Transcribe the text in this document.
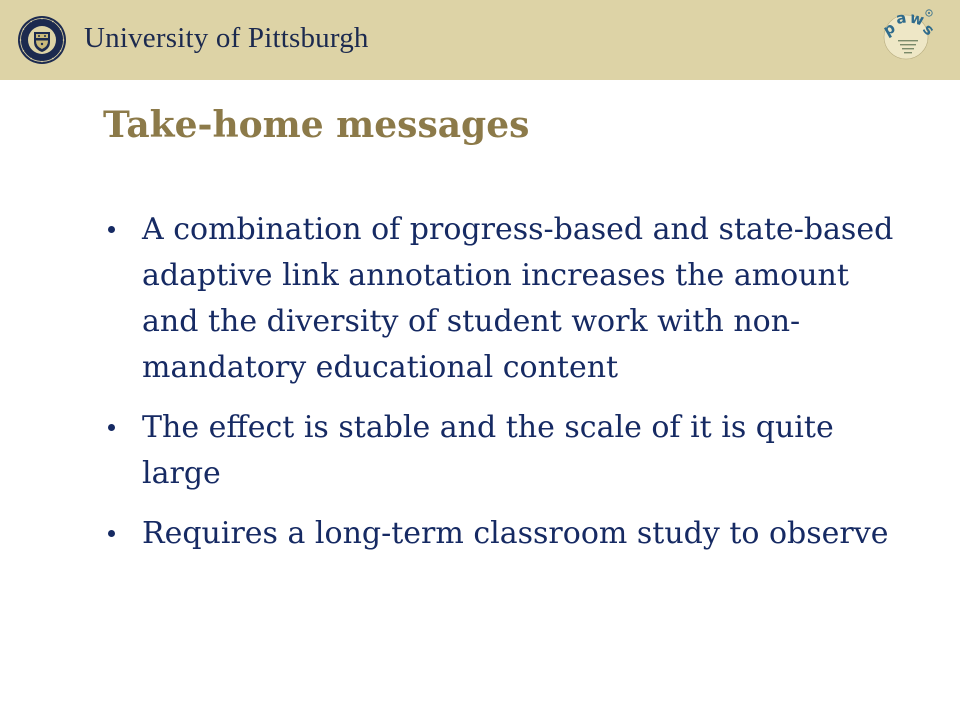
University of Pittsburgh	p
a w
s
Take-home messages
A combination of progress-based and state-based adaptive link annotation increases the amount and the diversity of student work with non-mandatory educational content
The effect is stable and the scale of it is quite large
Requires a long-term classroom study to observe
